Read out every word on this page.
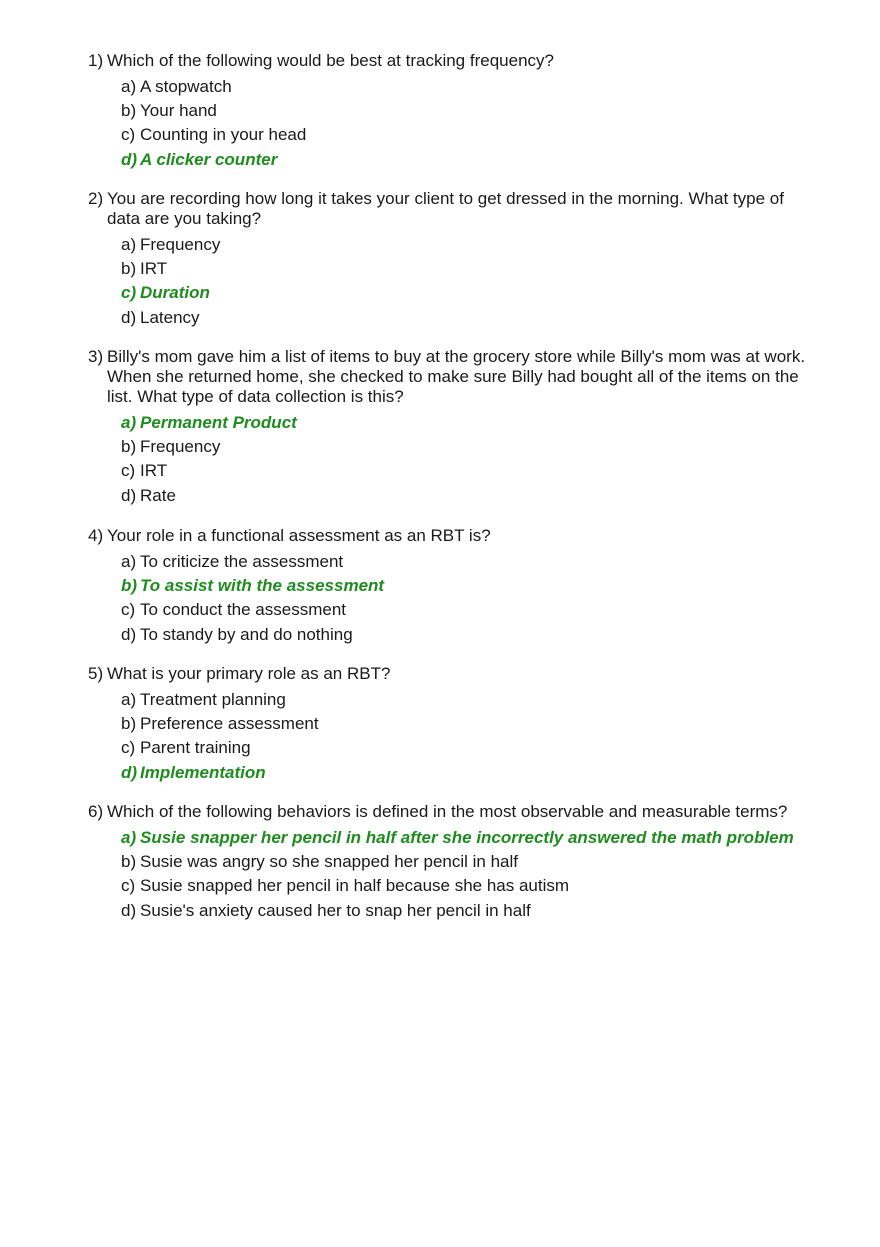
1) Which of the following would be best at tracking frequency?

a) A stopwatch
b) Your hand
c) Counting in your head
d) A clicker counter

2) You are recording how long it takes your client to get dressed in the morning. What type of data are you taking?

a) Frequency
b) IRT
c) Duration
d) Latency

3) Billy's mom gave him a list of items to buy at the grocery store while Billy's mom was at work. When she returned home, she checked to make sure Billy had bought all of the items on the list. What type of data collection is this?

a) Permanent Product
b) Frequency
c) IRT
d) Rate

4) Your role in a functional assessment as an RBT is?

a) To criticize the assessment
b) To assist with the assessment
c) To conduct the assessment
d) To standy by and do nothing

5) What is your primary role as an RBT?

a) Treatment planning
b) Preference assessment
c) Parent training
d) Implementation

6) Which of the following behaviors is defined in the most observable and measurable terms?

a) Susie snapper her pencil in half after she incorrectly answered the math problem
b) Susie was angry so she snapped her pencil in half
c) Susie snapped her pencil in half because she has autism
d) Susie's anxiety caused her to snap her pencil in half
